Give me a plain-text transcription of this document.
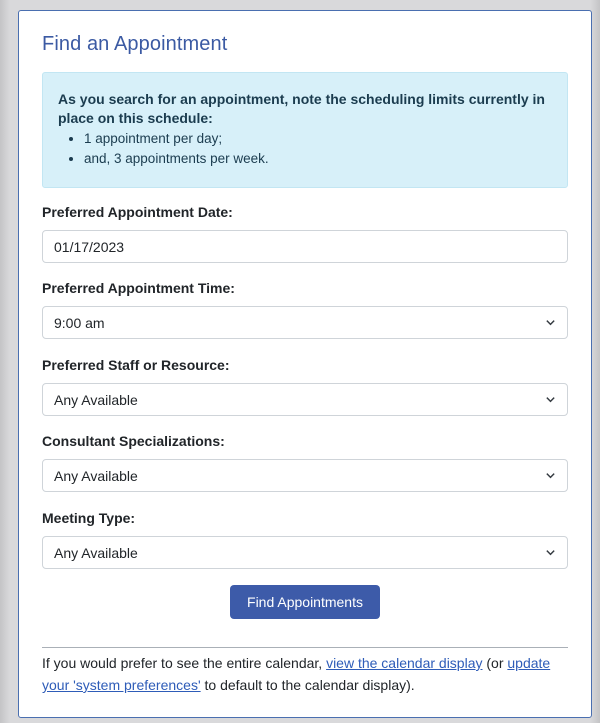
Find an Appointment

As you search for an appointment, note the scheduling limits currently in place on this schedule:

• 1 appointment per day;
• and, 3 appointments per week.
Preferred Appointment Date:
01/17/2023
Preferred Appointment Time:
9:00 am
Preferred Staff or Resource:
Any Available
Consultant Specializations:
Any Available
Meeting Type:
Any Available
Find Appointments
If you would prefer to see the entire calendar, view the calendar display (or update your 'system preferences' to default to the calendar display).
